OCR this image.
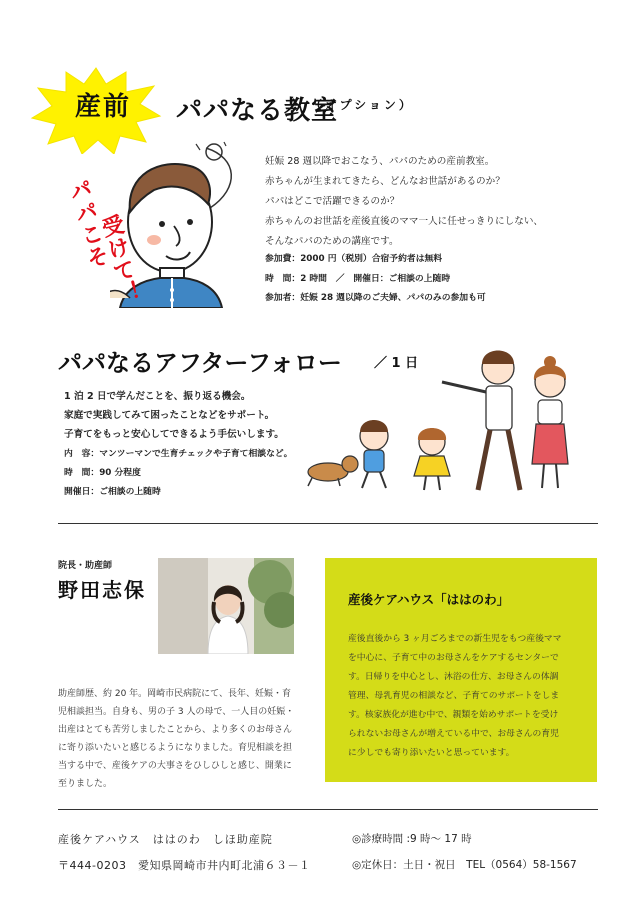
産前	パパなる教室
（オプション）
パパこそ
受けて！

妊娠 28 週以降でおこなう、パパのための産前教室。

赤ちゃんが生まれてきたら、どんなお世話があるのか？

パパはどこで活躍できるのか？

赤ちゃんのお世話を産後直後のママ一人に任せっきりにしない、

そんなパパのための講座です。

参加費：2000 円（税別）合宿予約者は無料

時　間：2 時間　／　開催日：ご相談の上随時

参加者：妊娠 28 週以降のご夫婦、パパのみの参加も可

パパなるアフターフォロー ／ 1 日

1 泊 2 日で学んだことを、振り返る機会。

家庭で実践してみて困ったことなどをサポート。

子育てをもっと安心してできるよう手伝いします。

内　容：マンツーマンで生育チェックや子育て相談など。

時　間：90 分程度

開催日：ご相談の上随時

院長・助産師
野田志保

助産師歴、約 20 年。岡崎市民病院にて、長年、妊娠・育

児相談担当。自身も、男の子 3 人の母で、一人目の妊娠・

出産はとても苦労しましたことから、より多くのお母さん

に寄り添いたいと感じるようになりました。育児相談を担

当する中で、産後ケアの大事さをひしひしと感じ、開業に

至りました。

産後ケアハウス「ははのわ」

産後直後から 3 ヶ月ごろまでの新生児をもつ産後ママ

を中心に、子育て中のお母さんをケアするセンターで

す。日帰りを中心とし、沐浴の仕方、お母さんの体調

管理、母乳育児の相談など、子育てのサポートをしま

す。核家族化が進む中で、親類を始めサポートを受け

られないお母さんが増えている中で、お母さんの育児

に少しでも寄り添いたいと思っています。

産後ケアハウス　ははのわ　しほ助産院
〒444-0203　愛知県岡崎市井内町北浦６３－１
◎診療時間 :9 時～ 17 時
◎定休日：土日・祝日　TEL（0564）58-1567
